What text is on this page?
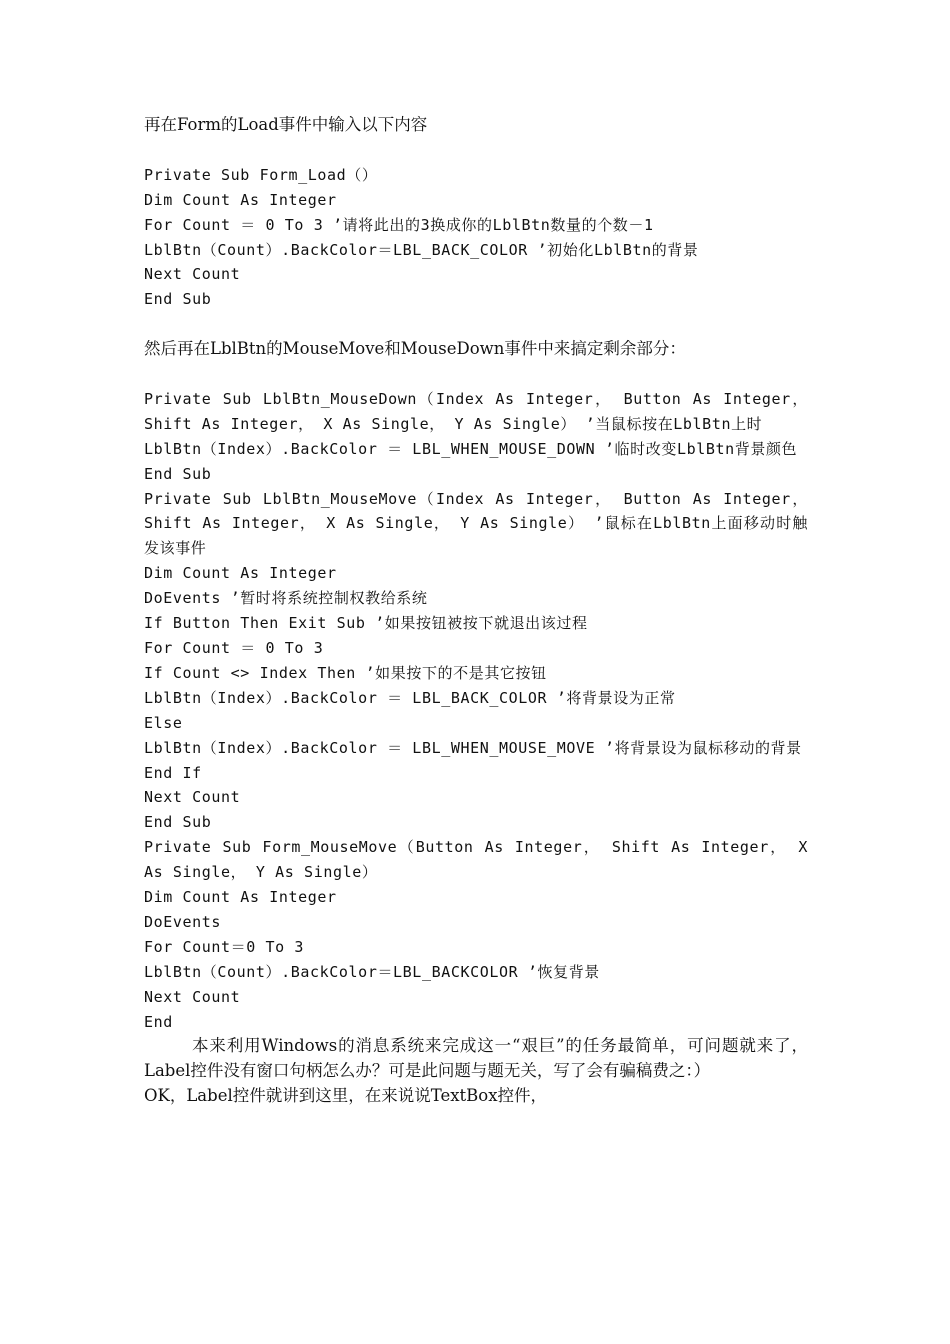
再在Form的Load事件中输入以下内容
Private Sub Form_Load（）
Dim Count As Integer
For Count ＝ 0 To 3 ’请将此出的3换成你的LblBtn数量的个数－1
LblBtn（Count）.BackColor＝LBL_BACK_COLOR ’初始化LblBtn的背景
Next Count
End Sub
然后再在LblBtn的MouseMove和MouseDown事件中来搞定剩余部分：
Private Sub LblBtn_MouseDown（Index As Integer， Button As Integer， Shift As Integer， X As Single， Y As Single） ’当鼠标按在LblBtn上时
LblBtn（Index）.BackColor ＝ LBL_WHEN_MOUSE_DOWN ’临时改变LblBtn背景颜色
End Sub
Private Sub LblBtn_MouseMove（Index As Integer， Button As Integer， Shift As Integer， X As Single， Y As Single） ’鼠标在LblBtn上面移动时触发该事件
Dim Count As Integer
DoEvents ’暂时将系统控制权教给系统
If Button Then Exit Sub ’如果按钮被按下就退出该过程
For Count ＝ 0 To 3
If Count <> Index Then ’如果按下的不是其它按钮
LblBtn（Index）.BackColor ＝ LBL_BACK_COLOR ’将背景设为正常
Else
LblBtn（Index）.BackColor ＝ LBL_WHEN_MOUSE_MOVE ’将背景设为鼠标移动的背景
End If
Next Count
End Sub
Private Sub Form_MouseMove（Button As Integer， Shift As Integer， X As Single， Y As Single）
Dim Count As Integer
DoEvents
For Count＝0 To 3
LblBtn（Count）.BackColor＝LBL_BACKCOLOR ’恢复背景
Next Count
End
本来利用Windows的消息系统来完成这一“艰巨”的任务最简单，可问题就来了，Label控件没有窗口句柄怎么办？可是此问题与题无关，写了会有骗稿费之：）
OK，Label控件就讲到这里，在来说说TextBox控件，
